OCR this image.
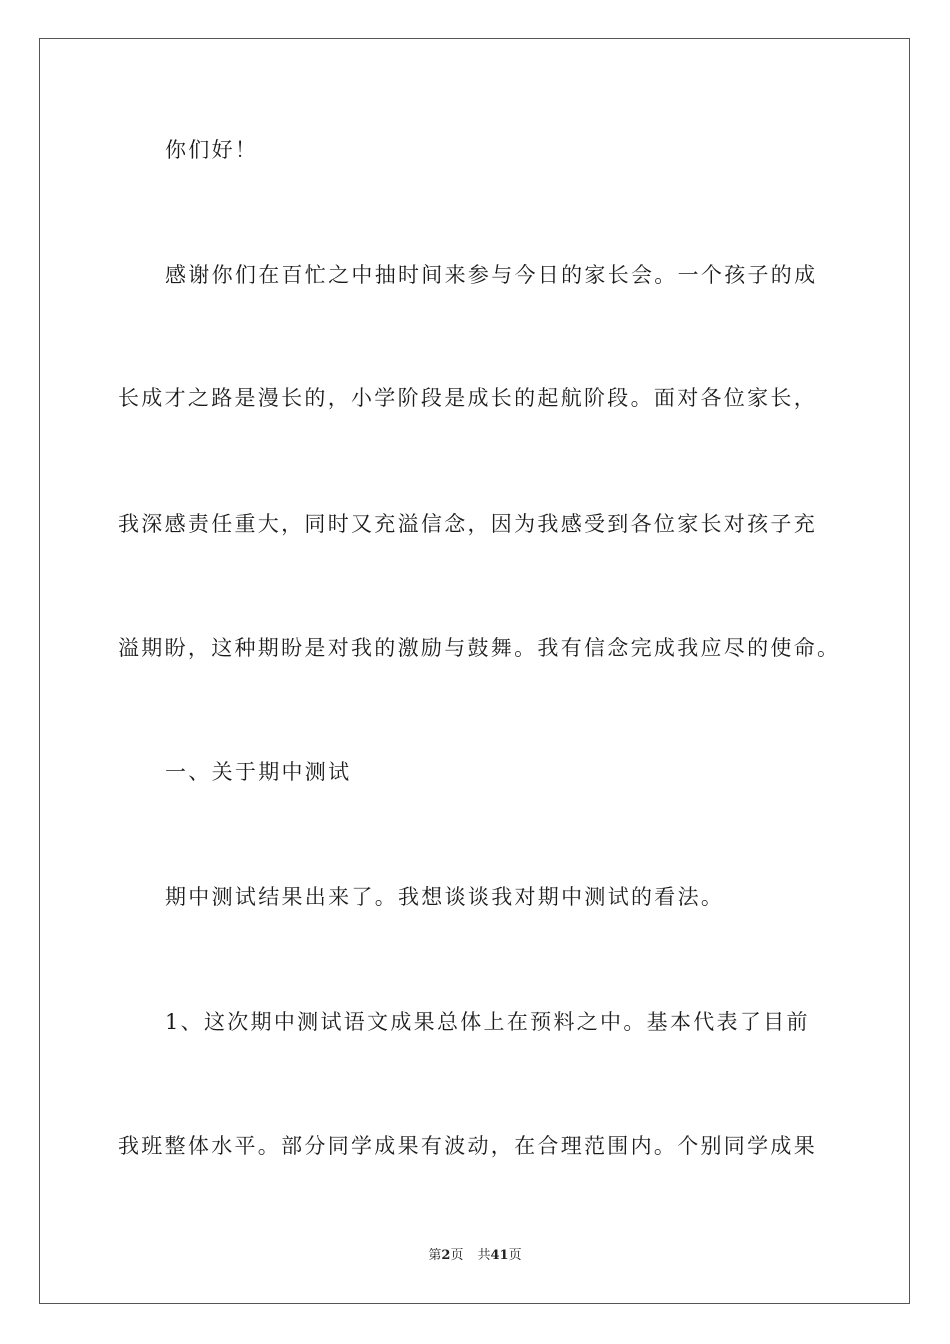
你们好！
感谢你们在百忙之中抽时间来参与今日的家长会。一个孩子的成
长成才之路是漫长的，小学阶段是成长的起航阶段。面对各位家长，
我深感责任重大，同时又充溢信念，因为我感受到各位家长对孩子充
溢期盼，这种期盼是对我的激励与鼓舞。我有信念完成我应尽的使命。
一、关于期中测试
期中测试结果出来了。我想谈谈我对期中测试的看法。
1、这次期中测试语文成果总体上在预料之中。基本代表了目前
我班整体水平。部分同学成果有波动，在合理范围内。个别同学成果
第2页 共41页
